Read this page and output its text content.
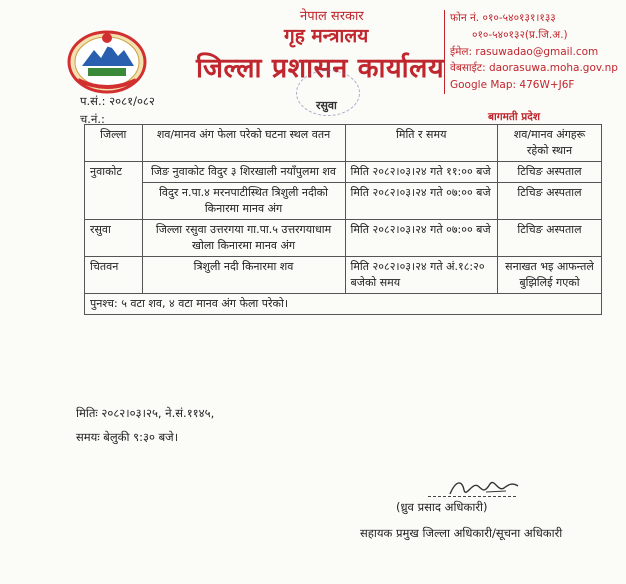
नेपाल सरकार
गृह मन्त्रालय
जिल्ला प्रशासन कार्यालय
रसुवा
फोन नं. ०१०-५४०१३१।१३३
०१०-५४०१३२(प्र.जि.अ.)
ईमेल: rasuwadao@gmail.com
वेबसाईट: daorasuwa.moha.gov.np
Google Map: 476W+J6F
प.सं.: २०८१/०८२
च.नं.:	बागमती प्रदेश
जिल्ला	शव/मानव अंग फेला परेको घटना स्थल वतन	मिति र समय	शव/मानव अंगहरू रहेको स्थान
नुवाकोट	जिङ नुवाकोट विदुर ३ शिरखाली नयाँपुलमा शव	मिति २०८२।०३।२४ गते ११:०० बजे	टिचिङ अस्पताल
	विदुर न.पा.४ मरनपाटीस्थित त्रिशुली नदीको किनारमा मानव अंग	मिति २०८२।०३।२४ गते ०७:०० बजे	टिचिङ अस्पताल
रसुवा	जिल्ला रसुवा उत्तरगया गा.पा.५ उत्तरगयाधाम खोला किनारमा मानव अंग	मिति २०८२।०३।२४ गते ०७:०० बजे	टिचिङ अस्पताल
चितवन	त्रिशुली नदी किनारमा शव	मिति २०८२।०३।२४ गते अं.१८:२० बजेको समय	सनाखत भइ आफन्तले बुझिलिई गएको
पुनश्च: ५ वटा शव, ४ वटा मानव अंग फेला परेको।			
मितिः २०८२।०३।२५, ने.सं.११४५,
समयः बेलुकी ९:३० बजे।
(ध्रुव प्रसाद अधिकारी)
सहायक प्रमुख जिल्ला अधिकारी/सूचना अधिकारी
